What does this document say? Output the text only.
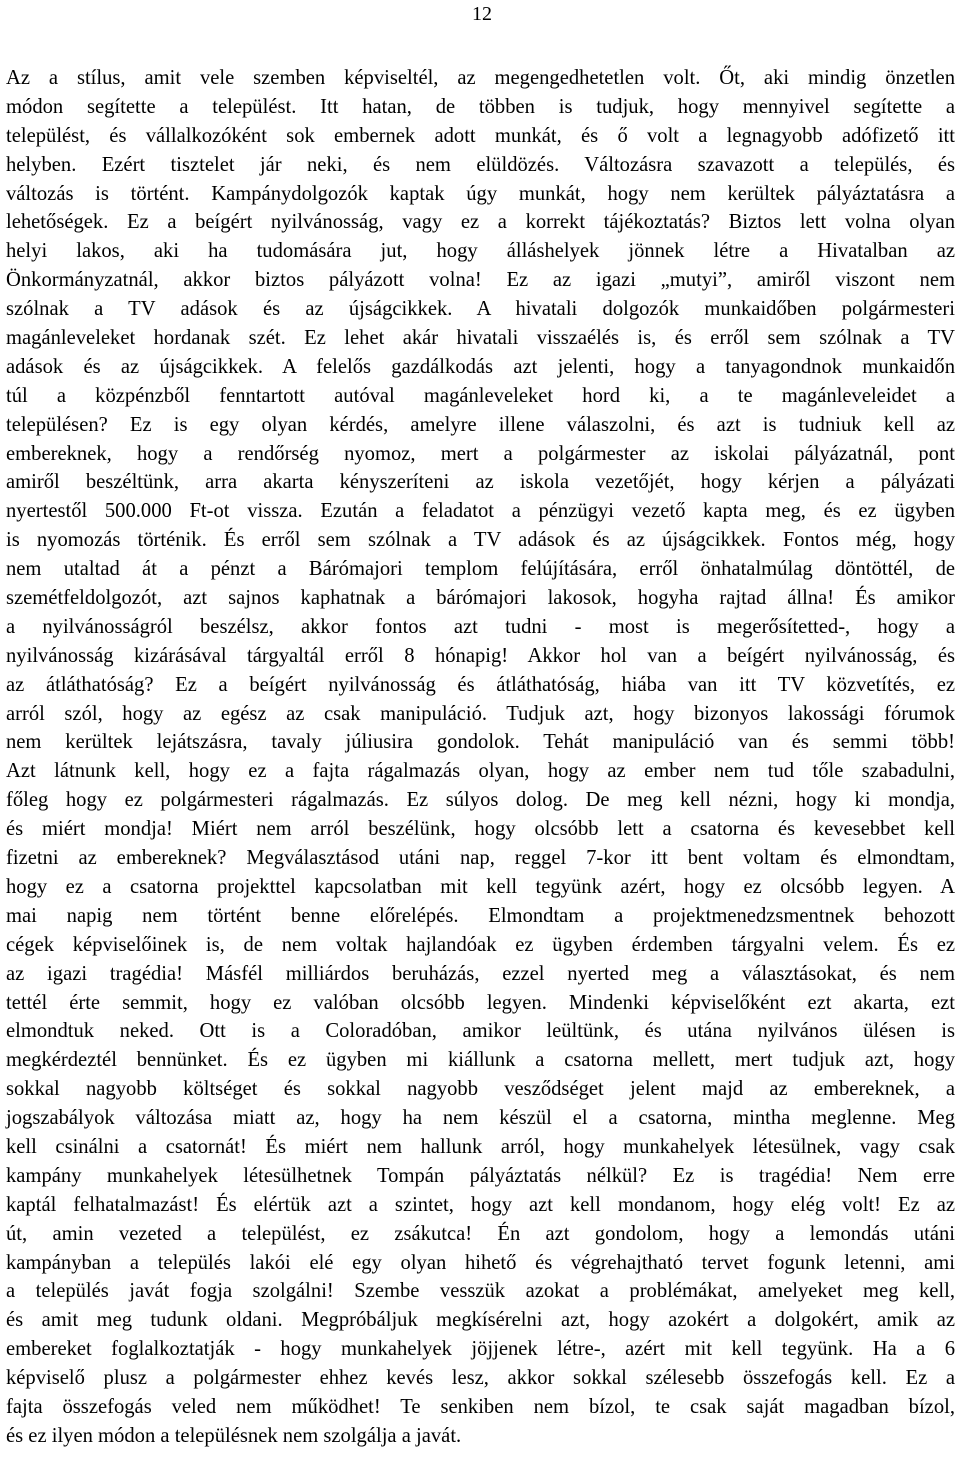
12
Az a stílus, amit vele szemben képviseltél, az megengedhetetlen volt. Őt, aki mindig önzetlen
módon segítette a települést. Itt hatan, de többen is tudjuk, hogy mennyivel segítette a
települést, és vállalkozóként sok embernek adott munkát, és ő volt a legnagyobb adófizető itt
helyben. Ezért tisztelet jár neki, és nem elüldözés. Változásra szavazott a település, és
változás is történt. Kampánydolgozók kaptak úgy munkát, hogy nem kerültek pályáztatásra a
lehetőségek. Ez a beígért nyilvánosság, vagy ez a korrekt tájékoztatás? Biztos lett volna olyan
helyi lakos, aki ha tudomására jut, hogy álláshelyek jönnek létre a Hivatalban az
Önkormányzatnál, akkor biztos pályázott volna! Ez az igazi „mutyi”, amiről viszont nem
szólnak a TV adások és az újságcikkek. A hivatali dolgozók munkaidőben polgármesteri
magánleveleket hordanak szét. Ez lehet akár hivatali visszaélés is, és erről sem szólnak a TV
adások és az újságcikkek. A felelős gazdálkodás azt jelenti, hogy a tanyagondnok munkaidőn
túl a közpénzből fenntartott autóval magánleveleket hord ki, a te magánleveleidet a
településen? Ez is egy olyan kérdés, amelyre illene válaszolni, és azt is tudniuk kell az
embereknek, hogy a rendőrség nyomoz, mert a polgármester az iskolai pályázatnál, pont
amiről beszéltünk, arra akarta kényszeríteni az iskola vezetőjét, hogy kérjen a pályázati
nyertestől 500.000 Ft-ot vissza. Ezután a feladatot a pénzügyi vezető kapta meg, és ez ügyben
is nyomozás történik. És erről sem szólnak a TV adások és az újságcikkek. Fontos még, hogy
nem utaltad át a pénzt a Bárómajori templom felújítására, erről önhatalmúlag döntöttél, de
szemétfeldolgozót, azt sajnos kaphatnak a bárómajori lakosok, hogyha rajtad állna! És amikor
a nyilvánosságról beszélsz, akkor fontos azt tudni - most is megerősítetted-, hogy a
nyilvánosság kizárásával tárgyaltál erről 8 hónapig! Akkor hol van a beígért nyilvánosság, és
az átláthatóság? Ez a beígért nyilvánosság és átláthatóság, hiába van itt TV közvetítés, ez
arról szól, hogy az egész az csak manipuláció. Tudjuk azt, hogy bizonyos lakossági fórumok
nem kerültek lejátszásra, tavaly júliusira gondolok. Tehát manipuláció van és semmi több!
Azt látnunk kell, hogy ez a fajta rágalmazás olyan, hogy az ember nem tud tőle szabadulni,
főleg hogy ez polgármesteri rágalmazás. Ez súlyos dolog. De meg kell nézni, hogy ki mondja,
és miért mondja! Miért nem arról beszélünk, hogy olcsóbb lett a csatorna és kevesebbet kell
fizetni az embereknek? Megválasztásod utáni nap, reggel 7-kor itt bent voltam és elmondtam,
hogy ez a csatorna projekttel kapcsolatban mit kell tegyünk azért, hogy ez olcsóbb legyen. A
mai napig nem történt benne előrelépés. Elmondtam a projektmenedzsmentnek behozott
cégek képviselőinek is, de nem voltak hajlandóak ez ügyben érdemben tárgyalni velem. És ez
az igazi tragédia! Másfél milliárdos beruházás, ezzel nyerted meg a választásokat, és nem
tettél érte semmit, hogy ez valóban olcsóbb legyen. Mindenki képviselőként ezt akarta, ezt
elmondtuk neked. Ott is a Coloradóban, amikor leültünk, és utána nyilvános ülésen is
megkérdeztél bennünket. És ez ügyben mi kiállunk a csatorna mellett, mert tudjuk azt, hogy
sokkal nagyobb költséget és sokkal nagyobb vesződséget jelent majd az embereknek, a
jogszabályok változása miatt az, hogy ha nem készül el a csatorna, mintha meglenne. Meg
kell csinálni a csatornát! És miért nem hallunk arról, hogy munkahelyek létesülnek, vagy csak
kampány munkahelyek létesülhetnek Tompán pályáztatás nélkül? Ez is tragédia! Nem erre
kaptál felhatalmazást! És elértük azt a szintet, hogy azt kell mondanom, hogy elég volt! Ez az
út, amin vezeted a települést, ez zsákutca! Én azt gondolom, hogy a lemondás utáni
kampányban a település lakói elé egy olyan hihető és végrehajtható tervet fogunk letenni, ami
a település javát fogja szolgálni! Szembe vesszük azokat a problémákat, amelyeket meg kell,
és amit meg tudunk oldani. Megpróbáljuk megkísérelni azt, hogy azokért a dolgokért, amik az
embereket foglalkoztatják - hogy munkahelyek jöjjenek létre-, azért mit kell tegyünk. Ha a 6
képviselő plusz a polgármester ehhez kevés lesz, akkor sokkal szélesebb összefogás kell. Ez a
fajta összefogás veled nem működhet! Te senkiben nem bízol, te csak saját magadban bízol,
és ez ilyen módon a településnek nem szolgálja a javát.
